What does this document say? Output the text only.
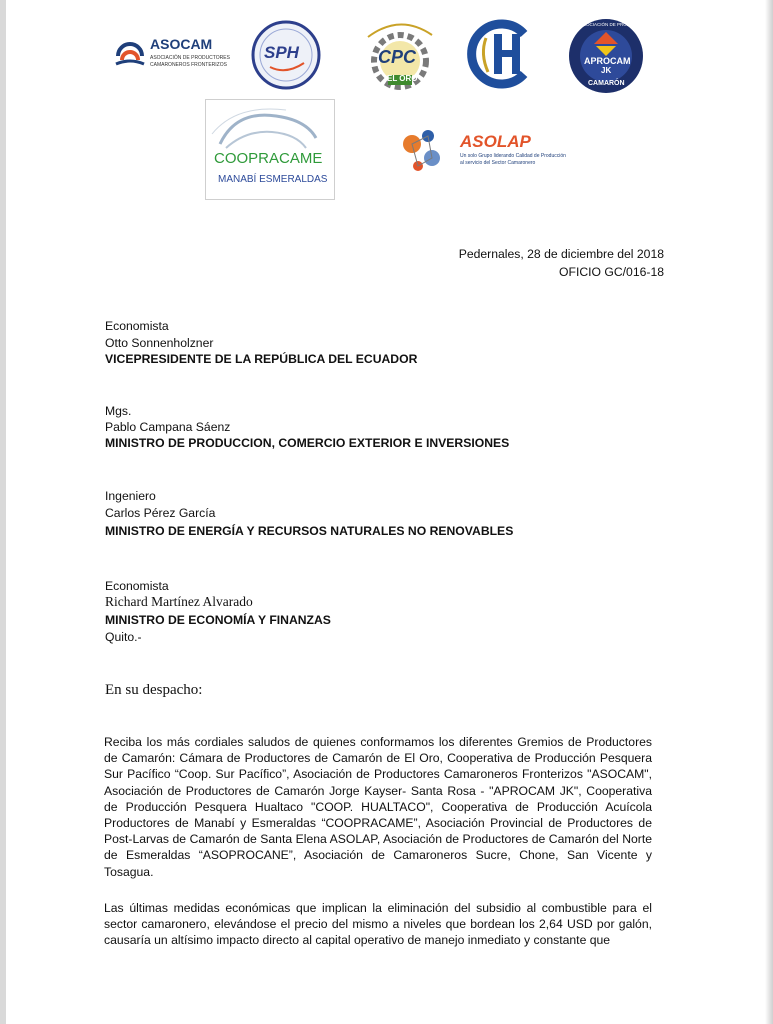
ASOCAM
ASOCIACIÓN DE PRODUCTORES
CAMARONEROS FRONTERIZOS
SPH	CPC
EL ORO
ASOCIACIÓN DE PRODUCTORES
APROCAM
JK
CAMARÓN
COOPRACAME
MANABÍ ESMERALDAS
ASOLAP
Un solo Grupo liderando Calidad de Producción
al servicio del Sector Camaronero
Pedernales, 28 de diciembre del 2018
OFICIO GC/016-18
Economista
Otto Sonnenholzner
VICEPRESIDENTE DE LA REPÚBLICA DEL ECUADOR
Mgs.
Pablo Campana Sáenz
MINISTRO DE PRODUCCION, COMERCIO EXTERIOR E INVERSIONES
Ingeniero
Carlos Pérez García
MINISTRO DE ENERGÍA Y RECURSOS NATURALES NO RENOVABLES
Economista
Richard Martínez Alvarado
MINISTRO DE ECONOMÍA Y FINANZAS
Quito.-
En su despacho:
Reciba los más cordiales saludos de quienes conformamos los diferentes Gremios de Productores de Camarón: Cámara de Productores de Camarón de El Oro, Cooperativa de Producción Pesquera Sur Pacífico “Coop. Sur Pacífico”, Asociación de Productores Camaroneros Fronterizos "ASOCAM", Asociación de Productores de Camarón Jorge Kayser- Santa Rosa - "APROCAM JK", Cooperativa de Producción Pesquera Hualtaco "COOP. HUALTACO", Cooperativa de Producción Acuícola Productores de Manabí y Esmeraldas “COOPRACAME”, Asociación Provincial de Productores de Post-Larvas de Camarón de Santa Elena ASOLAP, Asociación de Productores de Camarón del Norte de Esmeraldas “ASOPROCANE”, Asociación de Camaroneros Sucre, Chone, San Vicente y Tosagua.
Las últimas medidas económicas que implican la eliminación del subsidio al combustible para el sector camaronero, elevándose el precio del mismo a niveles que bordean los 2,64 USD por galón, causaría un altísimo impacto directo al capital operativo de manejo inmediato y constante que
